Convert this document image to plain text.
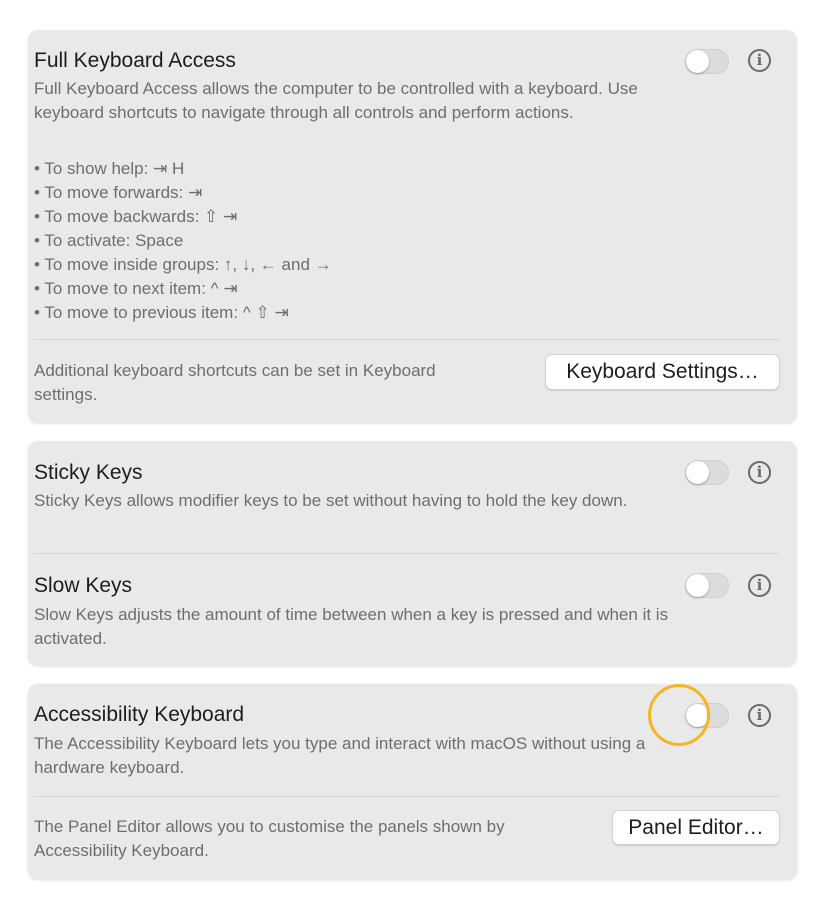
Full Keyboard Access	i
Full Keyboard Access allows the computer to be controlled with a keyboard. Use keyboard shortcuts to navigate through all controls and perform actions.
• To show help: ⇥ H
• To move forwards: ⇥
• To move backwards: ⇧ ⇥
• To activate: Space
• To move inside groups: ↑, ↓, ← and →
• To move to next item: ^ ⇥
• To move to previous item: ^ ⇧ ⇥
Additional keyboard shortcuts can be set in Keyboard settings.
Keyboard Settings…
Sticky Keys	i
Sticky Keys allows modifier keys to be set without having to hold the key down.
Slow Keys	i
Slow Keys adjusts the amount of time between when a key is pressed and when it is activated.
Accessibility Keyboard	i
The Accessibility Keyboard lets you type and interact with macOS without using a hardware keyboard.
The Panel Editor allows you to customise the panels shown by Accessibility Keyboard.
Panel Editor…
